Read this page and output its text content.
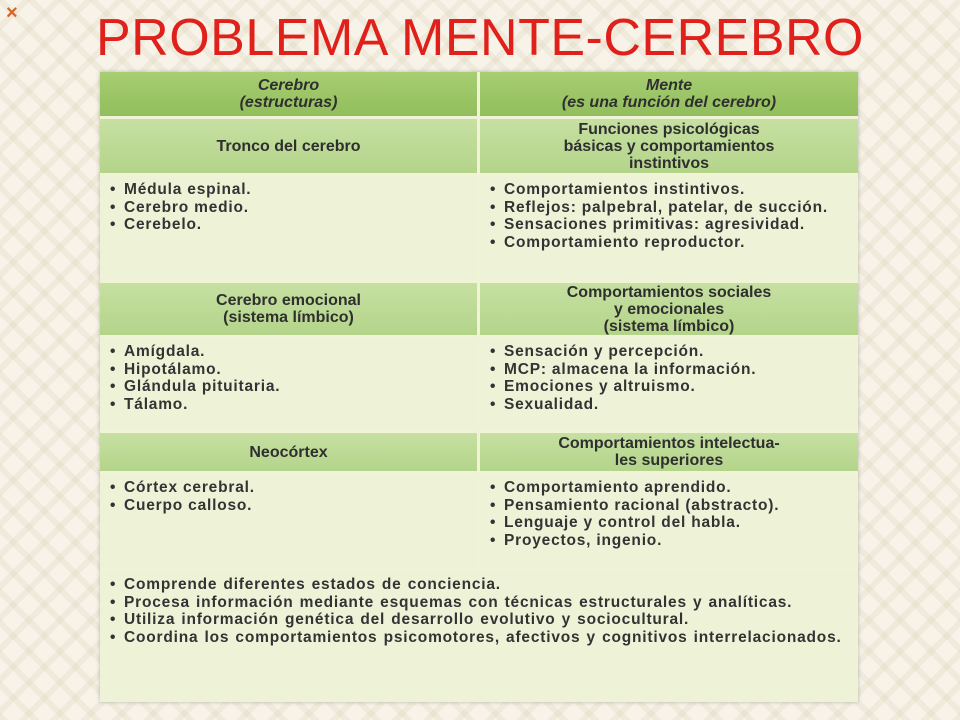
×	PROBLEMA MENTE-CEREBRO
Cerebro
(estructuras)
Mente
(es una función del cerebro)
Tronco del cerebro
Funciones psicológicas
básicas y comportamientos
instintivos
• Médula espinal.
• Cerebro medio.
• Cerebelo.
• Comportamientos instintivos.
• Reflejos: palpebral, patelar, de succión.
• Sensaciones primitivas: agresividad.
• Comportamiento reproductor.
Cerebro emocional
(sistema límbico)
Comportamientos sociales
y emocionales
(sistema límbico)
• Amígdala.
• Hipotálamo.
• Glándula pituitaria.
• Tálamo.
• Sensación y percepción.
• MCP: almacena la información.
• Emociones y altruismo.
• Sexualidad.
Neocórtex	Comportamientos intelectua-
les superiores
• Córtex cerebral.
• Cuerpo calloso.
• Comportamiento aprendido.
• Pensamiento racional (abstracto).
• Lenguaje y control del habla.
• Proyectos, ingenio.
• Comprende diferentes estados de conciencia.
• Procesa información mediante esquemas con técnicas estructurales y analíticas.
• Utiliza información genética del desarrollo evolutivo y sociocultural.
• Coordina los comportamientos psicomotores, afectivos y cognitivos interrelacionados.
